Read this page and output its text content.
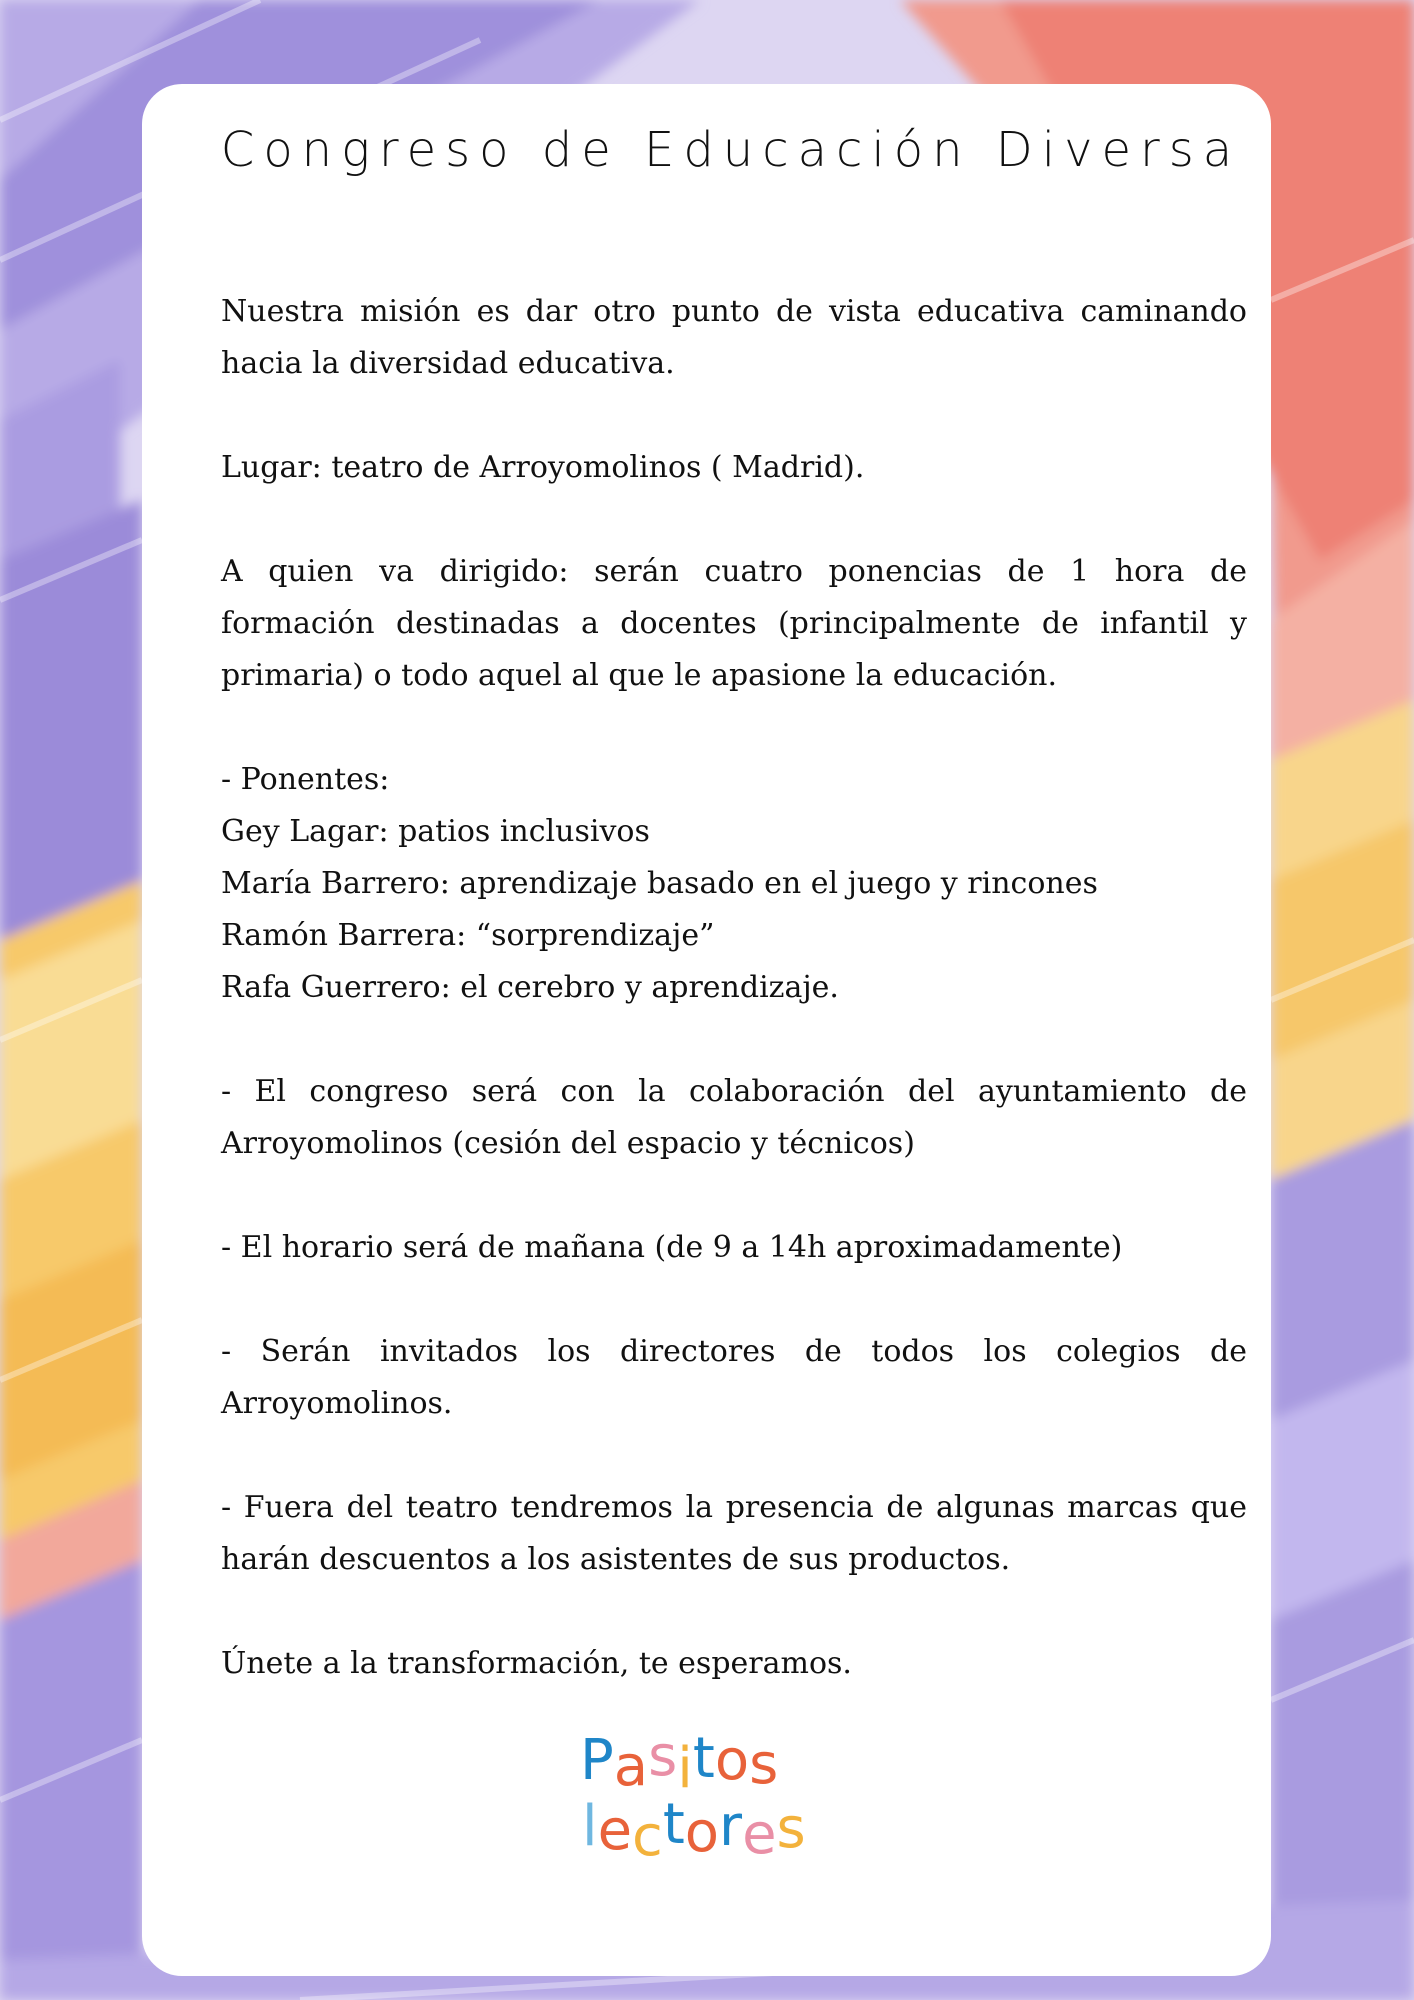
Congreso de Educación Diversa

Nuestra misión es dar otro punto de vista educativa caminando hacia la diversidad educativa.

Lugar: teatro de Arroyomolinos ( Madrid).

A quien va dirigido: serán cuatro ponencias de 1 hora de formación destinadas a docentes (principalmente de infantil y primaria) o todo aquel al que le apasione la educación.

- Ponentes:
Gey Lagar: patios inclusivos
María Barrero: aprendizaje basado en el juego y rincones
Ramón Barrera: “sorprendizaje”
Rafa Guerrero: el cerebro y aprendizaje.

- El congreso será con la colaboración del ayuntamiento de Arroyomolinos (cesión del espacio y técnicos)

- El horario será de mañana (de 9 a 14h aproximadamente)

- Serán invitados los directores de todos los colegios de Arroyomolinos.

- Fuera del teatro tendremos la presencia de algunas marcas que harán descuentos a los asistentes de sus productos.

Únete a la transformación, te esperamos.

Pasitos
lectores
